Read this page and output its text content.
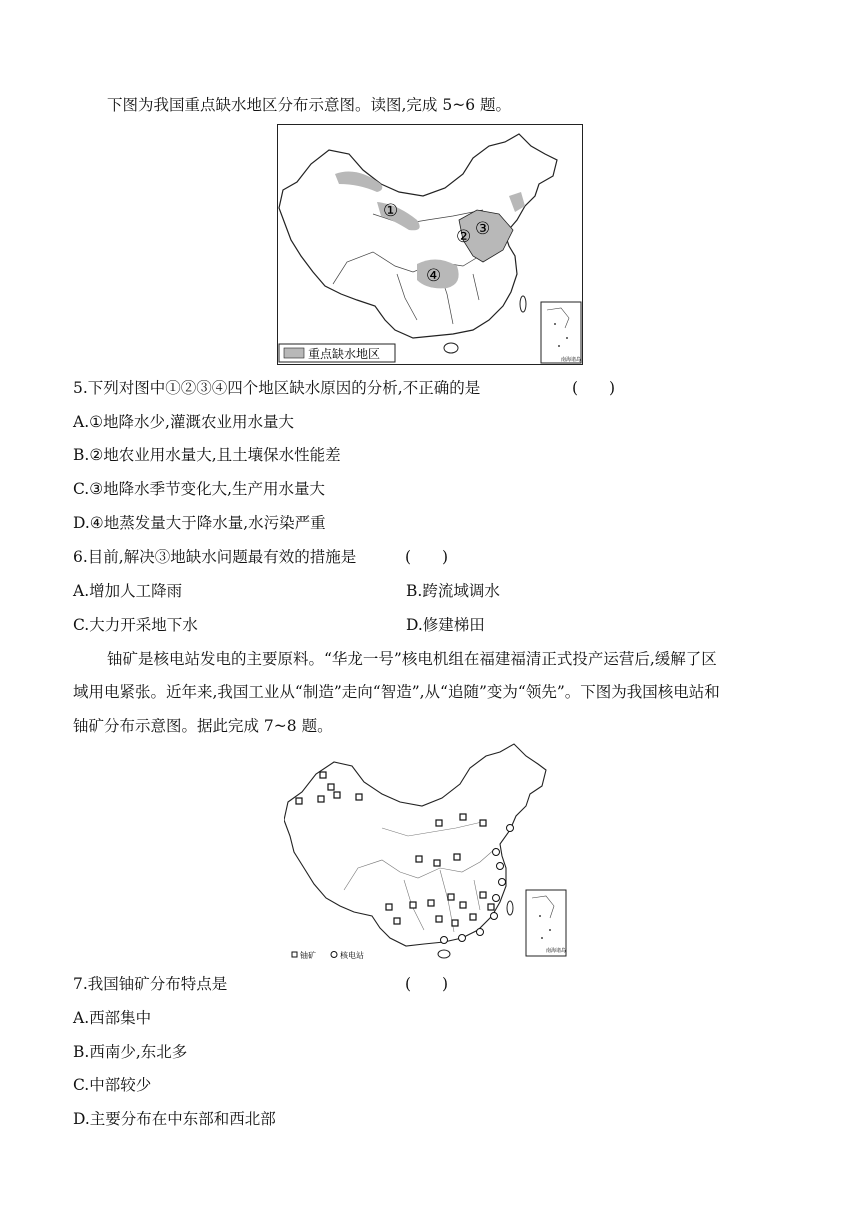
下图为我国重点缺水地区分布示意图。读图,完成 5~6 题。
①
② ③
④
重点缺水地区	南海诸岛
5.下列对图中①②③④四个地区缺水原因的分析,不正确的是	(　　)
A.①地降水少,灌溉农业用水量大
B.②地农业用水量大,且土壤保水性能差
C.③地降水季节变化大,生产用水量大
D.④地蒸发量大于降水量,水污染严重
6.目前,解决③地缺水问题最有效的措施是	(　　)
A.增加人工降雨	B.跨流域调水
C.大力开采地下水	D.修建梯田
铀矿是核电站发电的主要原料。“华龙一号”核电机组在福建福清正式投产运营后,缓解了区
域用电紧张。近年来,我国工业从“制造”走向“智造”,从“追随”变为“领先”。下图为我国核电站和
铀矿分布示意图。据此完成 7~8 题。
南海诸岛
铀矿	核电站
7.我国铀矿分布特点是	(　　)
A.西部集中
B.西南少,东北多
C.中部较少
D.主要分布在中东部和西北部
